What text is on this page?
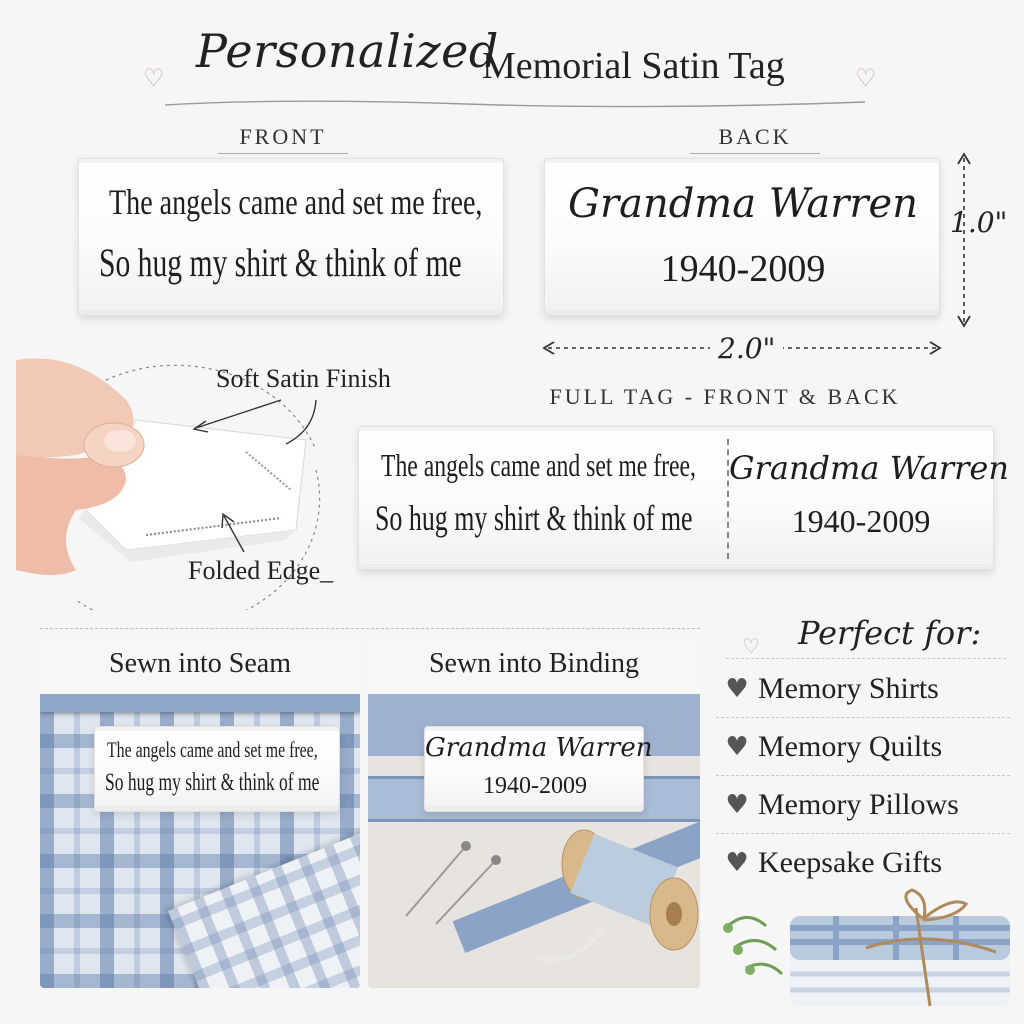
♡	♡
Personalized
Memorial Satin Tag
FRONT	BACK
The angels came and set me free,
So hug my shirt & think of me
Grandma Warren
1940-2009
1.0"
2.0"
Soft Satin Finish
Folded Edge_
FULL TAG - FRONT & BACK
The angels came and set me free,
So hug my shirt & think of me
Grandma Warren
1940-2009
Sewn into Seam
The angels came and set me free,
So hug my shirt & think of me
Sewn into Binding
Grandma Warren
1940-2009
♡ Perfect for:
♥ Memory Shirts
♥ Memory Quilts
♥ Memory Pillows
♥ Keepsake Gifts
